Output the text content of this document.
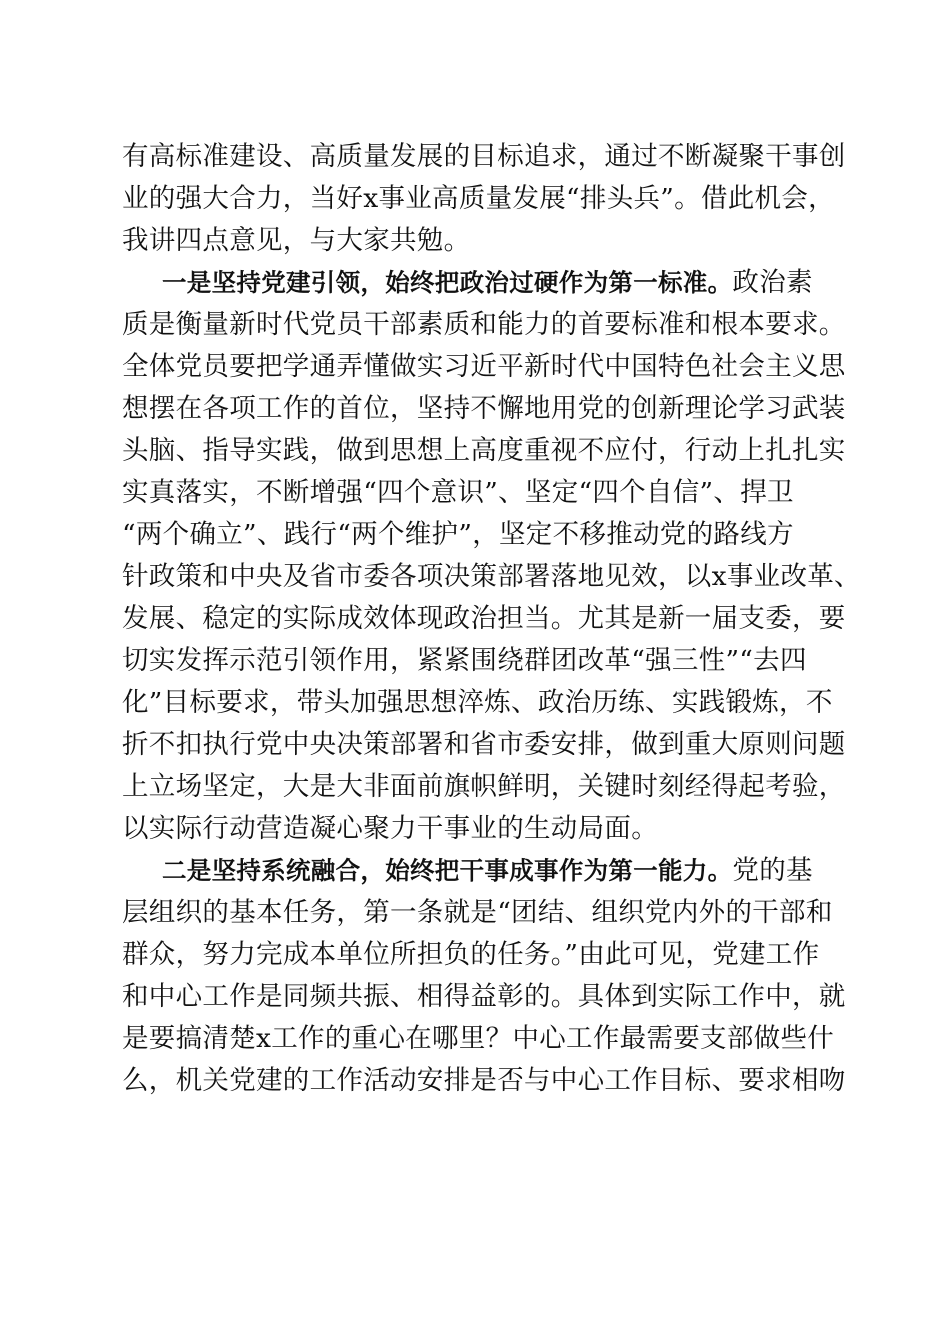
有高标准建设、高质量发展的目标追求，通过不断凝聚干事创
业的强大合力，当好x事业高质量发展“排头兵”。借此机会，
我讲四点意见，与大家共勉。
一是坚持党建引领，始终把政治过硬作为第一标准。政治素
质是衡量新时代党员干部素质和能力的首要标准和根本要求。
全体党员要把学通弄懂做实习近平新时代中国特色社会主义思
想摆在各项工作的首位，坚持不懈地用党的创新理论学习武装
头脑、指导实践，做到思想上高度重视不应付，行动上扎扎实
实真落实，不断增强“四个意识”、坚定“四个自信”、捍卫
“两个确立”、践行“两个维护”，坚定不移推动党的路线方
针政策和中央及省市委各项决策部署落地见效，以x事业改革、
发展、稳定的实际成效体现政治担当。尤其是新一届支委，要
切实发挥示范引领作用，紧紧围绕群团改革“强三性”“去四
化”目标要求，带头加强思想淬炼、政治历练、实践锻炼，不
折不扣执行党中央决策部署和省市委安排，做到重大原则问题
上立场坚定，大是大非面前旗帜鲜明，关键时刻经得起考验，
以实际行动营造凝心聚力干事业的生动局面。
二是坚持系统融合，始终把干事成事作为第一能力。党的基
层组织的基本任务，第一条就是“团结、组织党内外的干部和
群众，努力完成本单位所担负的任务。”由此可见，党建工作
和中心工作是同频共振、相得益彰的。具体到实际工作中，就
是要搞清楚x工作的重心在哪里？中心工作最需要支部做些什
么，机关党建的工作活动安排是否与中心工作目标、要求相吻
